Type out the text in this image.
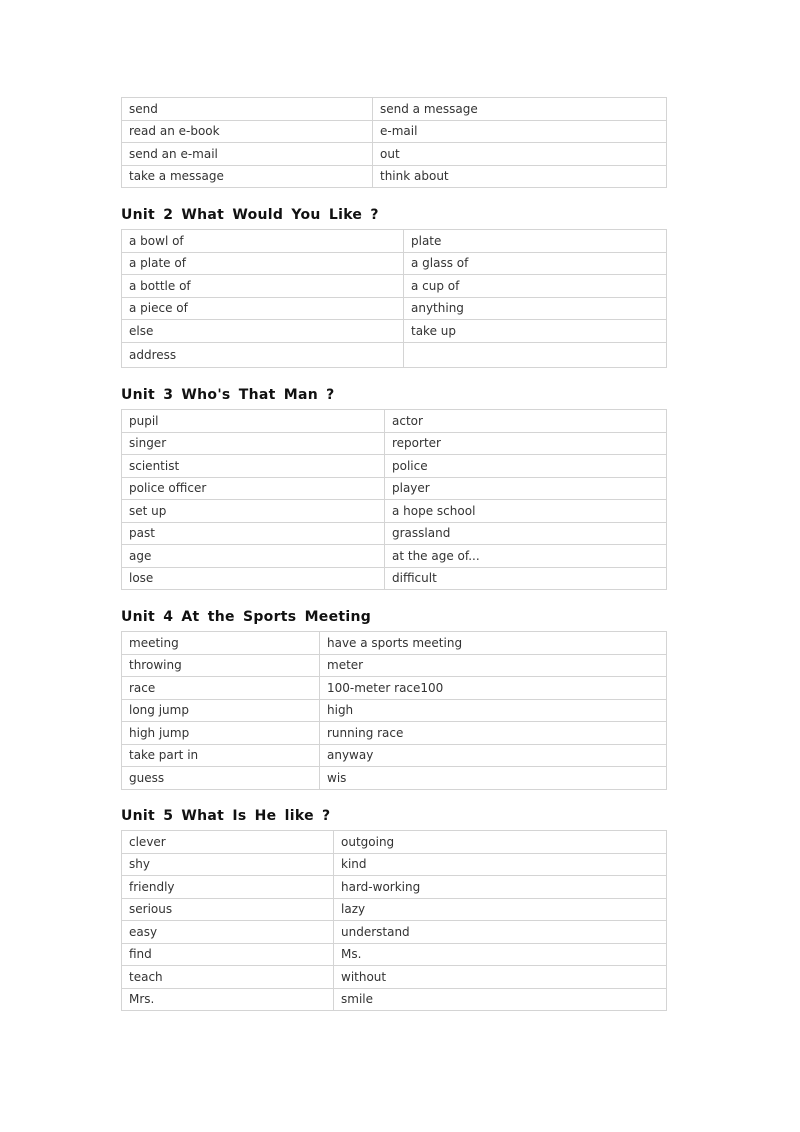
send	send a message
read an e-book	e-mail
send an e-mail	out
take a message	think about
Unit 2 What Would You Like ?
a bowl of	plate
a plate of	a glass of
a bottle of	a cup of
a piece of	anything
else	take up
address	
Unit 3 Who's That Man ?
pupil	actor
singer	reporter
scientist	police
police officer	player
set up	a hope school
past	grassland
age	at the age of...
lose	difficult
Unit 4 At the Sports Meeting
meeting	have a sports meeting
throwing	meter
race	100-meter race100
long jump	high
high jump	running race
take part in	anyway
guess	wis
Unit 5 What Is He like ?
clever	outgoing
shy	kind
friendly	hard-working
serious	lazy
easy	understand
find	Ms.
teach	without
Mrs.	smile
